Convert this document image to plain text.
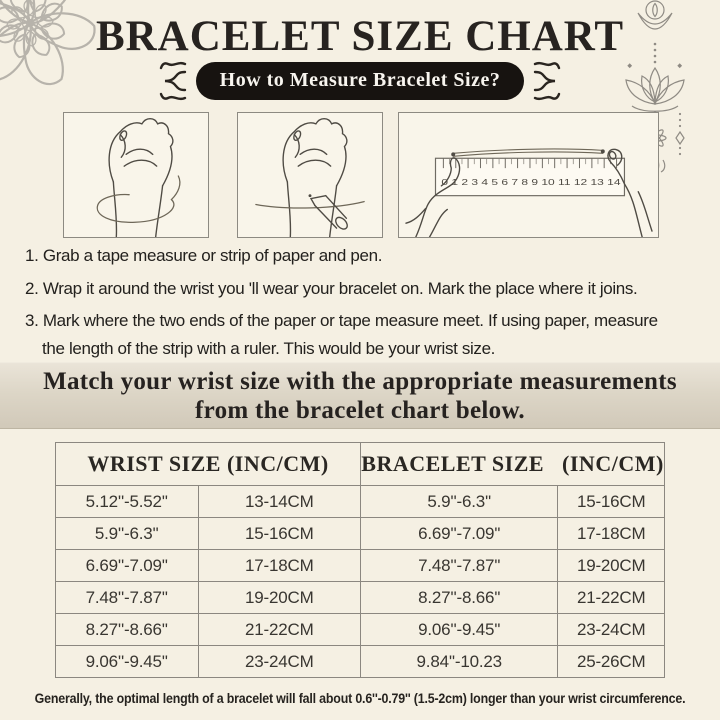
BRACELET SIZE CHART
How to Measure Bracelet Size?
0 1 2 3 4 5 6 7 8 9 10 11 12 13 14
1. Grab a tape measure or strip of paper and pen.
2. Wrap it around the wrist you 'll wear your bracelet on. Mark the place where it joins.
3. Mark where the two ends of the paper or tape measure meet. If using paper, measure
the length of the strip with a ruler. This would be your wrist size.
Match your wrist size with the appropriate measurements
from the bracelet chart below.
WRIST SIZE (INC/CM)		BRACELET SIZE   (INC/CM)	
5.12''-5.52''	13-14CM	5.9''-6.3''	15-16CM
5.9''-6.3''	15-16CM	6.69''-7.09''	17-18CM
6.69''-7.09''	17-18CM	7.48''-7.87''	19-20CM
7.48''-7.87''	19-20CM	8.27''-8.66''	21-22CM
8.27''-8.66''	21-22CM	9.06''-9.45''	23-24CM
9.06''-9.45''	23-24CM	9.84''-10.23	25-26CM
Generally, the optimal length of a bracelet will fall about 0.6''-0.79'' (1.5-2cm) longer than your wrist circumference.
